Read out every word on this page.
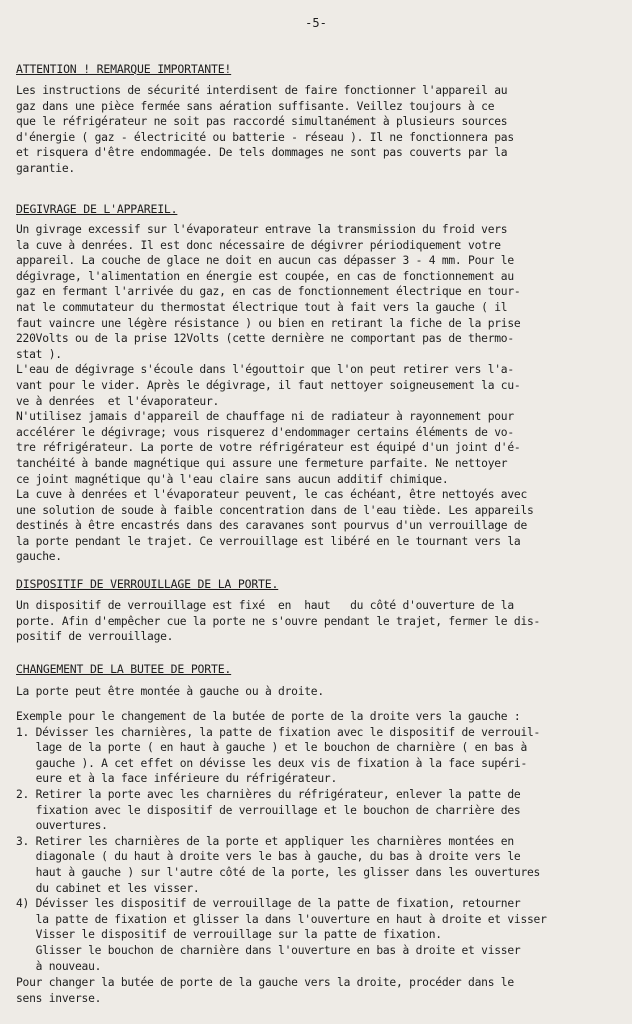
-5-
ATTENTION ! REMARQUE IMPORTANTE!
Les instructions de sécurité interdisent de faire fonctionner l'appareil au
gaz dans une pièce fermée sans aération suffisante. Veillez toujours à ce
que le réfrigérateur ne soit pas raccordé simultanément à plusieurs sources
d'énergie ( gaz - électricité ou batterie - réseau ). Il ne fonctionnera pas
et risquera d'être endommagée. De tels dommages ne sont pas couverts par la
garantie.
DEGIVRAGE DE L'APPAREIL.
Un givrage excessif sur l'évaporateur entrave la transmission du froid vers
la cuve à denrées. Il est donc nécessaire de dégivrer périodiquement votre
appareil. La couche de glace ne doit en aucun cas dépasser 3 - 4 mm. Pour le
dégivrage, l'alimentation en énergie est coupée, en cas de fonctionnement au
gaz en fermant l'arrivée du gaz, en cas de fonctionnement électrique en tour-
nat le commutateur du thermostat électrique tout à fait vers la gauche ( il
faut vaincre une légère résistance ) ou bien en retirant la fiche de la prise
220Volts ou de la prise 12Volts (cette dernière ne comportant pas de thermo-
stat ).
L'eau de dégivrage s'écoule dans l'égouttoir que l'on peut retirer vers l'a-
vant pour le vider. Après le dégivrage, il faut nettoyer soigneusement la cu-
ve à denrées  et l'évaporateur.
N'utilisez jamais d'appareil de chauffage ni de radiateur à rayonnement pour
accélérer le dégivrage; vous risquerez d'endommager certains éléments de vo-
tre réfrigérateur. La porte de votre réfrigérateur est équipé d'un joint d'é-
tanchéité à bande magnétique qui assure une fermeture parfaite. Ne nettoyer
ce joint magnétique qu'à l'eau claire sans aucun additif chimique.
La cuve à denrées et l'évaporateur peuvent, le cas échéant, être nettoyés avec
une solution de soude à faible concentration dans de l'eau tiède. Les appareils
destinés à être encastrés dans des caravanes sont pourvus d'un verrouillage de
la porte pendant le trajet. Ce verrouillage est libéré en le tournant vers la
gauche.
DISPOSITIF DE VERROUILLAGE DE LA PORTE.
Un dispositif de verrouillage est fixé  en  haut   du côté d'ouverture de la
porte. Afin d'empêcher cue la porte ne s'ouvre pendant le trajet, fermer le dis-
positif de verrouillage.
CHANGEMENT DE LA BUTEE DE PORTE.
La porte peut être montée à gauche ou à droite.
Exemple pour le changement de la butée de porte de la droite vers la gauche :
1. Dévisser les charnières, la patte de fixation avec le dispositif de verrouil-
lage de la porte ( en haut à gauche ) et le bouchon de charnière ( en bas à
gauche ). A cet effet on dévisse les deux vis de fixation à la face supéri-
eure et à la face inférieure du réfrigérateur.
2. Retirer la porte avec les charnières du réfrigérateur, enlever la patte de
fixation avec le dispositif de verrouillage et le bouchon de charrière des
ouvertures.
3. Retirer les charnières de la porte et appliquer les charnières montées en
diagonale ( du haut à droite vers le bas à gauche, du bas à droite vers le
haut à gauche ) sur l'autre côté de la porte, les glisser dans les ouvertures
du cabinet et les visser.
4) Dévisser les dispositif de verrouillage de la patte de fixation, retourner
la patte de fixation et glisser la dans l'ouverture en haut à droite et visser
Visser le dispositif de verrouillage sur la patte de fixation.
Glisser le bouchon de charnière dans l'ouverture en bas à droite et visser
à nouveau.
Pour changer la butée de porte de la gauche vers la droite, procéder dans le
sens inverse.
